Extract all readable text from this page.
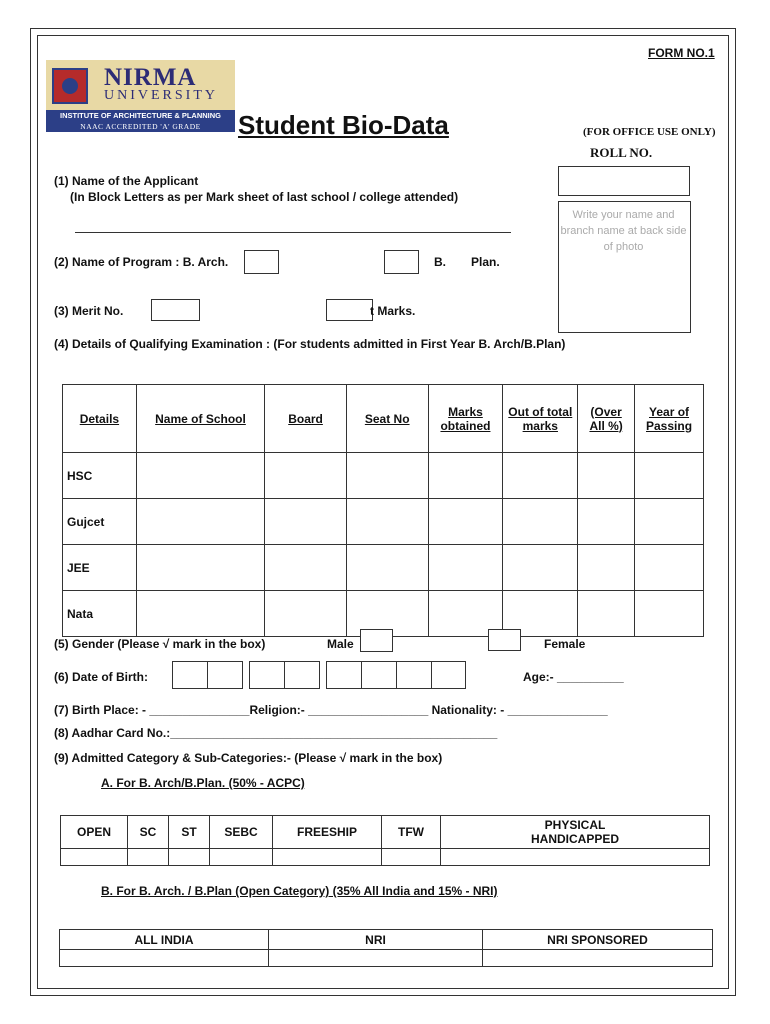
FORM NO.1
NIRMA
UNIVERSITY
INSTITUTE OF ARCHITECTURE & PLANNING
NAAC ACCREDITED 'A' GRADE	Student Bio-Data	(FOR OFFICE USE ONLY)
ROLL NO.
Write your name and branch name at back side of photo
(1) Name of the Applicant
(In Block Letters as per Mark sheet of last school / college attended)
(2) Name of Program : B. Arch.	B. Plan.
(3) Merit No.	t Marks.
(4) Details of Qualifying Examination : (For students admitted in First Year B. Arch/B.Plan)
Details	Name of School	Board	Seat No	Marks obtained	Out of total marks	(Over All %)	Year of Passing
HSC							
Gujcet							
JEE							
Nata							
(5) Gender (Please √ mark in the box)	Male	Female
(6) Date of Birth:	Age:- __________
(7) Birth Place: - _______________Religion:- __________________ Nationality: - _______________
(8) Aadhar Card No.:_________________________________________________
(9) Admitted Category & Sub-Categories:- (Please √ mark in the box)
A. For B. Arch/B.Plan. (50% - ACPC)
OPEN	SC	ST	SEBC	FREESHIP	TFW	PHYSICAL HANDICAPPED

B. For B. Arch. / B.Plan (Open Category) (35% All India and 15% - NRI)
ALL INDIA	NRI	NRI SPONSORED
